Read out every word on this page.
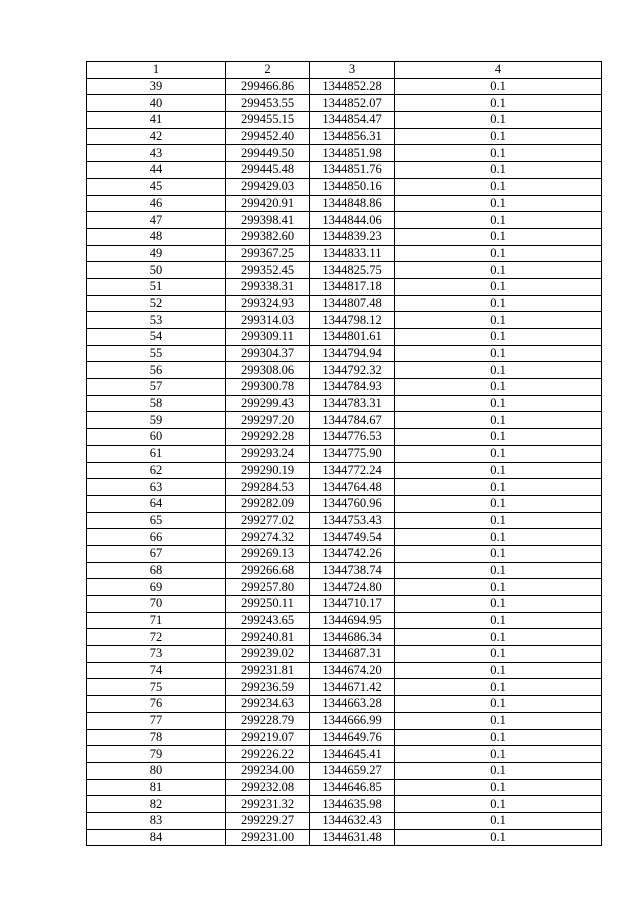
1	2	3	4
39	299466.86	1344852.28	0.1
40	299453.55	1344852.07	0.1
41	299455.15	1344854.47	0.1
42	299452.40	1344856.31	0.1
43	299449.50	1344851.98	0.1
44	299445.48	1344851.76	0.1
45	299429.03	1344850.16	0.1
46	299420.91	1344848.86	0.1
47	299398.41	1344844.06	0.1
48	299382.60	1344839.23	0.1
49	299367.25	1344833.11	0.1
50	299352.45	1344825.75	0.1
51	299338.31	1344817.18	0.1
52	299324.93	1344807.48	0.1
53	299314.03	1344798.12	0.1
54	299309.11	1344801.61	0.1
55	299304.37	1344794.94	0.1
56	299308.06	1344792.32	0.1
57	299300.78	1344784.93	0.1
58	299299.43	1344783.31	0.1
59	299297.20	1344784.67	0.1
60	299292.28	1344776.53	0.1
61	299293.24	1344775.90	0.1
62	299290.19	1344772.24	0.1
63	299284.53	1344764.48	0.1
64	299282.09	1344760.96	0.1
65	299277.02	1344753.43	0.1
66	299274.32	1344749.54	0.1
67	299269.13	1344742.26	0.1
68	299266.68	1344738.74	0.1
69	299257.80	1344724.80	0.1
70	299250.11	1344710.17	0.1
71	299243.65	1344694.95	0.1
72	299240.81	1344686.34	0.1
73	299239.02	1344687.31	0.1
74	299231.81	1344674.20	0.1
75	299236.59	1344671.42	0.1
76	299234.63	1344663.28	0.1
77	299228.79	1344666.99	0.1
78	299219.07	1344649.76	0.1
79	299226.22	1344645.41	0.1
80	299234.00	1344659.27	0.1
81	299232.08	1344646.85	0.1
82	299231.32	1344635.98	0.1
83	299229.27	1344632.43	0.1
84	299231.00	1344631.48	0.1
